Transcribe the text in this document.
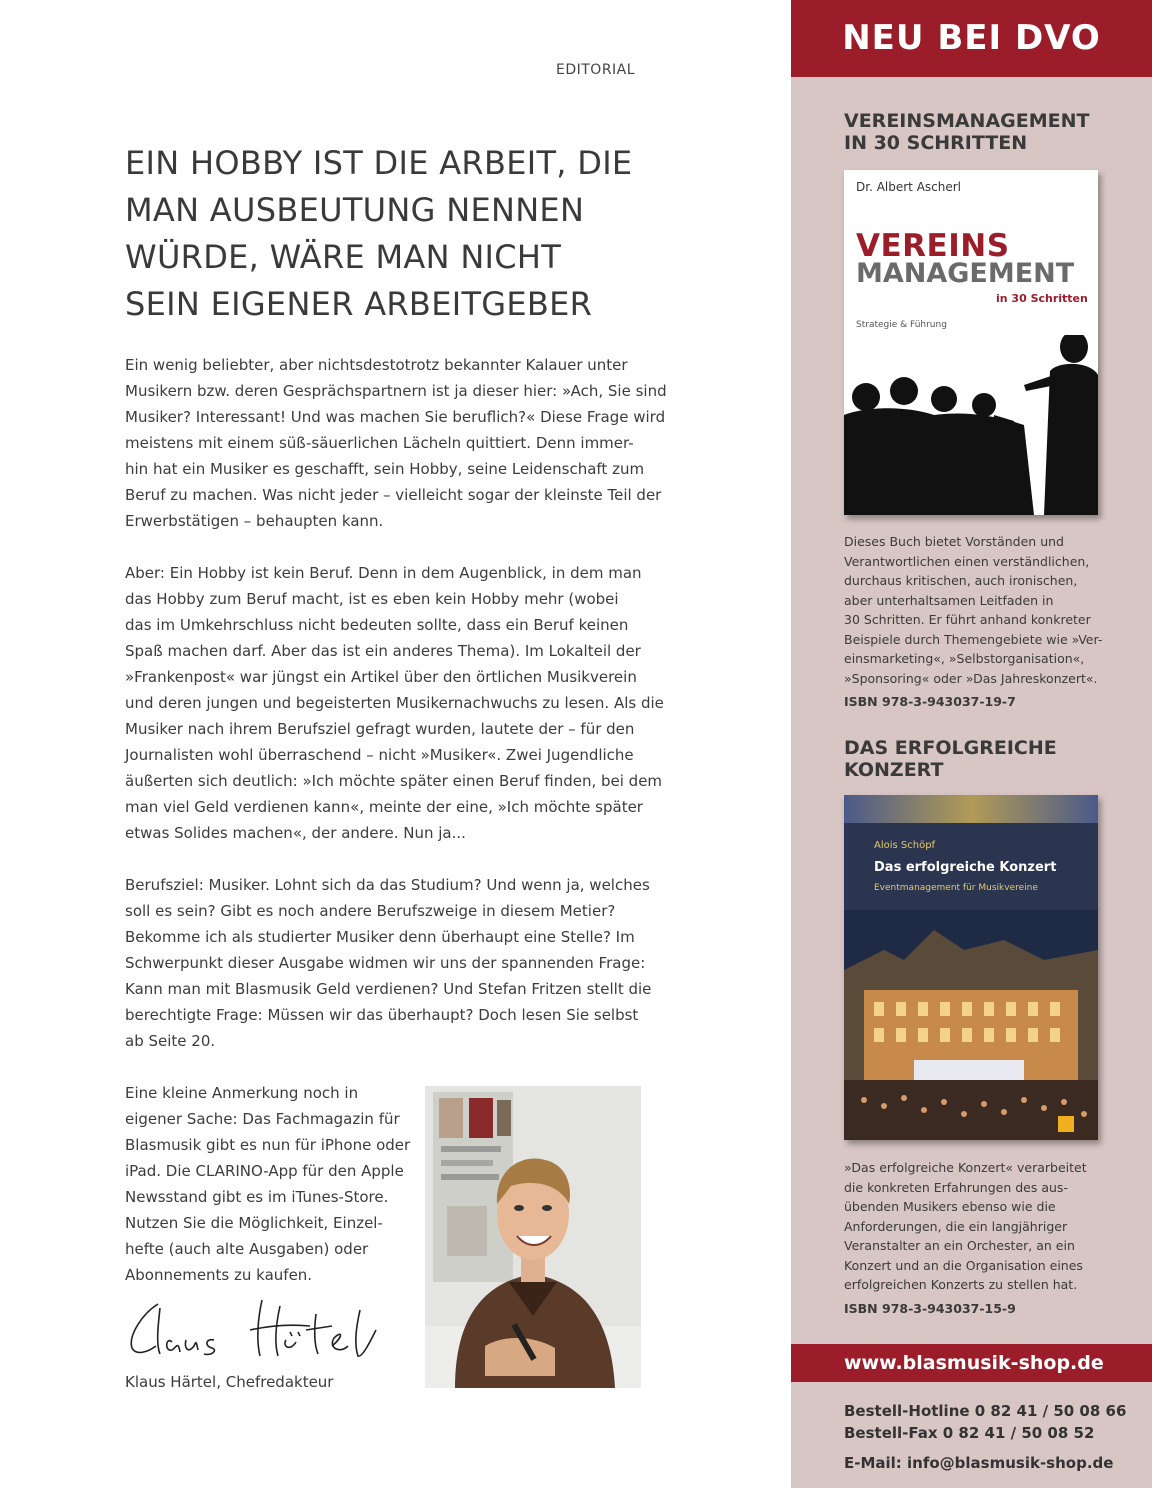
EDITORIAL
EIN HOBBY IST DIE ARBEIT, DIE
MAN AUSBEUTUNG NENNEN
WÜRDE, WÄRE MAN NICHT
SEIN EIGENER ARBEITGEBER

Ein wenig beliebter, aber nichtsdestotrotz bekannter Kalauer unter
Musikern bzw. deren Gesprächspartnern ist ja dieser hier: »Ach, Sie sind
Musiker? Interessant! Und was machen Sie beruflich?« Diese Frage wird
meistens mit einem süß-säuerlichen Lächeln quittiert. Denn immer-
hin hat ein Musiker es geschafft, sein Hobby, seine Leidenschaft zum
Beruf zu machen. Was nicht jeder – vielleicht sogar der kleinste Teil der
Erwerbstätigen – behaupten kann.

Aber: Ein Hobby ist kein Beruf. Denn in dem Augenblick, in dem man
das Hobby zum Beruf macht, ist es eben kein Hobby mehr (wobei
das im Umkehrschluss nicht bedeuten sollte, dass ein Beruf keinen
Spaß machen darf. Aber das ist ein anderes Thema). Im Lokalteil der
»Frankenpost« war jüngst ein Artikel über den örtlichen Musikverein
und deren jungen und begeisterten Musikernachwuchs zu lesen. Als die
Musiker nach ihrem Berufsziel gefragt wurden, lautete der – für den
Journalisten wohl überraschend – nicht »Musiker«. Zwei Jugendliche
äußerten sich deutlich: »Ich möchte später einen Beruf finden, bei dem
man viel Geld verdienen kann«, meinte der eine, »Ich möchte später
etwas Solides machen«, der andere. Nun ja...

Berufsziel: Musiker. Lohnt sich da das Studium? Und wenn ja, welches
soll es sein? Gibt es noch andere Berufszweige in diesem Metier?
Bekomme ich als studierter Musiker denn überhaupt eine Stelle? Im
Schwerpunkt dieser Ausgabe widmen wir uns der spannenden Frage:
Kann man mit Blasmusik Geld verdienen? Und Stefan Fritzen stellt die
berechtigte Frage: Müssen wir das überhaupt? Doch lesen Sie selbst
ab Seite 20.

Eine kleine Anmerkung noch in
eigener Sache: Das Fachmagazin für
Blasmusik gibt es nun für iPhone oder
iPad. Die CLARINO-App für den Apple
Newsstand gibt es im iTunes-Store.
Nutzen Sie die Möglichkeit, Einzel-
hefte (auch alte Ausgaben) oder
Abonnements zu kaufen.
Klaus Härtel, Chefredakteur
NEU BEI DVO
VEREINSMANAGEMENT
IN 30 SCHRITTEN
Dr. Albert Ascherl
VEREINS
MANAGEMENT
in 30 Schritten
Strategie & Führung
Dieses Buch bietet Vorständen und
Verantwortlichen einen verständlichen,
durchaus kritischen, auch ironischen,
aber unterhaltsamen Leitfaden in
30 Schritten. Er führt anhand konkreter
Beispiele durch Themengebiete wie »Ver-
einsmarketing«, »Selbstorganisation«,
»Sponsoring« oder »Das Jahreskonzert«.
ISBN 978-3-943037-19-7
DAS ERFOLGREICHE
KONZERT
Alois Schöpf
Das erfolgreiche Konzert
Eventmanagement für Musikvereine
»Das erfolgreiche Konzert« verarbeitet
die konkreten Erfahrungen des aus-
übenden Musikers ebenso wie die
Anforderungen, die ein langjähriger
Veranstalter an ein Orchester, an ein
Konzert und an die Organisation eines
erfolgreichen Konzerts zu stellen hat.
ISBN 978-3-943037-15-9
www.blasmusik-shop.de
Bestell-Hotline 0 82 41 / 50 08 66
Bestell-Fax 0 82 41 / 50 08 52
E-Mail: info@blasmusik-shop.de
